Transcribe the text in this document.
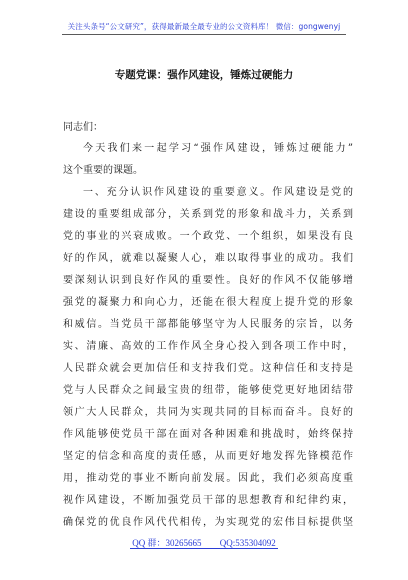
关注头条号“公文研究”，获得最新最全最专业的公文资料库！ 微信：gongwenyj
专题党课：强作风建设，锤炼过硬能力
同志们：
今天我们来一起学习“强作风建设，锤炼过硬能力”
这个重要的课题。
一、充分认识作风建设的重要意义。作风建设是党的
建设的重要组成部分，关系到党的形象和战斗力，关系到
党的事业的兴衰成败。一个政党、一个组织，如果没有良
好的作风，就难以凝聚人心，难以取得事业的成功。我们
要深刻认识到良好作风的重要性。良好的作风不仅能够增
强党的凝聚力和向心力，还能在很大程度上提升党的形象
和威信。当党员干部都能够坚守为人民服务的宗旨，以务
实、清廉、高效的工作作风全身心投入到各项工作中时，
人民群众就会更加信任和支持我们党。这种信任和支持是
党与人民群众之间最宝贵的纽带，能够使党更好地团结带
领广大人民群众，共同为实现共同的目标而奋斗。良好的
作风能够使党员干部在面对各种困难和挑战时，始终保持
坚定的信念和高度的责任感，从而更好地发挥先锋模范作
用，推动党的事业不断向前发展。因此，我们必须高度重
视作风建设，不断加强党员干部的思想教育和纪律约束，
确保党的优良作风代代相传，为实现党的宏伟目标提供坚
QQ 群：30265665 QQ:535304092
